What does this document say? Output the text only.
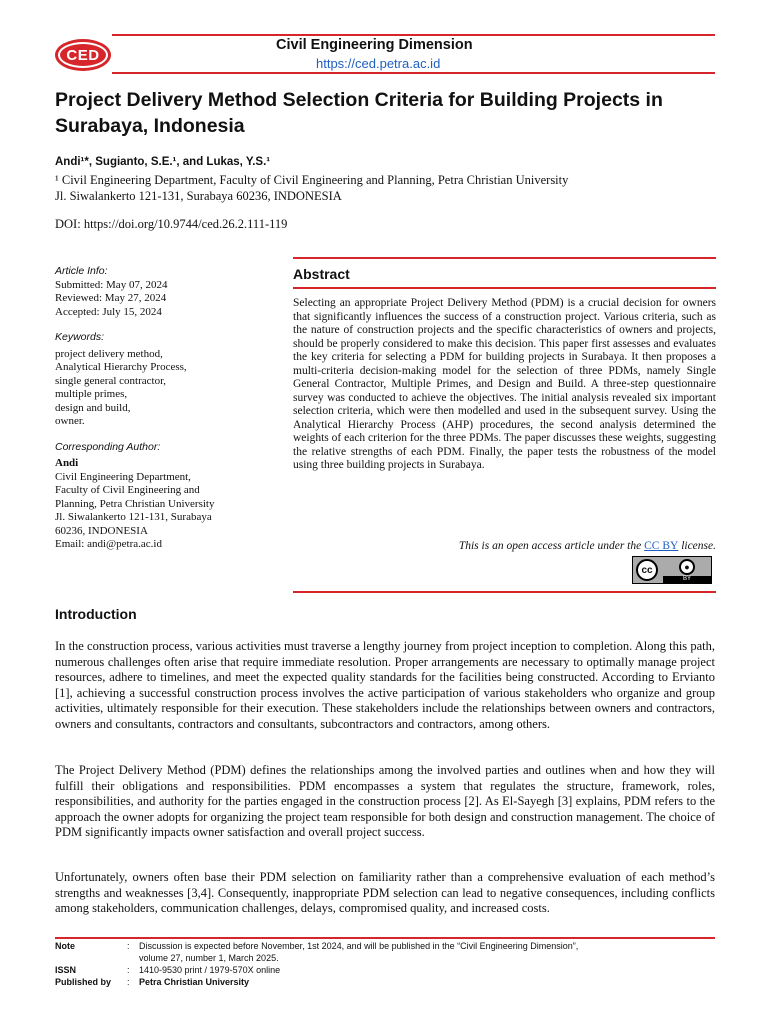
CED
Civil Engineering Dimension
https://ced.petra.ac.id
Project Delivery Method Selection Criteria for Building Projects in Surabaya, Indonesia
Andi¹*, Sugianto, S.E.¹, and Lukas, Y.S.¹
¹ Civil Engineering Department, Faculty of Civil Engineering and Planning, Petra Christian University
Jl. Siwalankerto 121-131, Surabaya 60236, INDONESIA
DOI: https://doi.org/10.9744/ced.26.2.111-119
Article Info:
Submitted: May 07, 2024
Reviewed: May 27, 2024
Accepted: July 15, 2024
Keywords:
project delivery method,
Analytical Hierarchy Process,
single general contractor,
multiple primes,
design and build,
owner.
Corresponding Author:
Andi
Civil Engineering Department,
Faculty of Civil Engineering and
Planning, Petra Christian University
Jl. Siwalankerto 121-131, Surabaya
60236, INDONESIA
Email: andi@petra.ac.id
Abstract
Selecting an appropriate Project Delivery Method (PDM) is a crucial decision for owners that significantly influences the success of a construction project. Various criteria, such as the nature of construction projects and the specific characteristics of owners and projects, should be properly considered to make this decision. This paper first assesses and evaluates the key criteria for selecting a PDM for building projects in Surabaya. It then proposes a multi-criteria decision-making model for the selection of three PDMs, namely Single General Contractor, Multiple Primes, and Design and Build. A three-step questionnaire survey was conducted to achieve the objectives. The initial analysis revealed six important selection criteria, which were then modelled and used in the subsequent survey. Using the Analytical Hierarchy Process (AHP) procedures, the second analysis determined the weights of each criterion for the three PDMs. The paper discusses these weights, suggesting the relative strengths of each PDM. Finally, the paper tests the robustness of the model using three building projects in Surabaya.
This is an open access article under the CC BY license.
cc	●
BY
Introduction
In the construction process, various activities must traverse a lengthy journey from project inception to completion. Along this path, numerous challenges often arise that require immediate resolution. Proper arrangements are necessary to optimally manage project resources, adhere to timelines, and meet the expected quality standards for the facilities being constructed. According to Ervianto [1], achieving a successful construction process involves the active participation of various stakeholders who organize and group activities, ultimately responsible for their execution. These stakeholders include the relationships between owners and contractors, owners and consultants, contractors and consultants, subcontractors and contractors, among others.
The Project Delivery Method (PDM) defines the relationships among the involved parties and outlines when and how they will fulfill their obligations and responsibilities. PDM encompasses a system that regulates the structure, framework, roles, responsibilities, and authority for the parties engaged in the construction process [2]. As El-Sayegh [3] explains, PDM refers to the approach the owner adopts for organizing the project team responsible for both design and construction management. The choice of PDM significantly impacts owner satisfaction and overall project success.
Unfortunately, owners often base their PDM selection on familiarity rather than a comprehensive evaluation of each method’s strengths and weaknesses [3,4]. Consequently, inappropriate PDM selection can lead to negative consequences, including conflicts among stakeholders, communication challenges, delays, compromised quality, and increased costs.
Note	:	Discussion is expected before November, 1st 2024, and will be published in the “Civil Engineering Dimension”,
volume 27, number 1, March 2025.
ISSN	:	1410-9530 print / 1979-570X online
Published by	:	Petra Christian University
